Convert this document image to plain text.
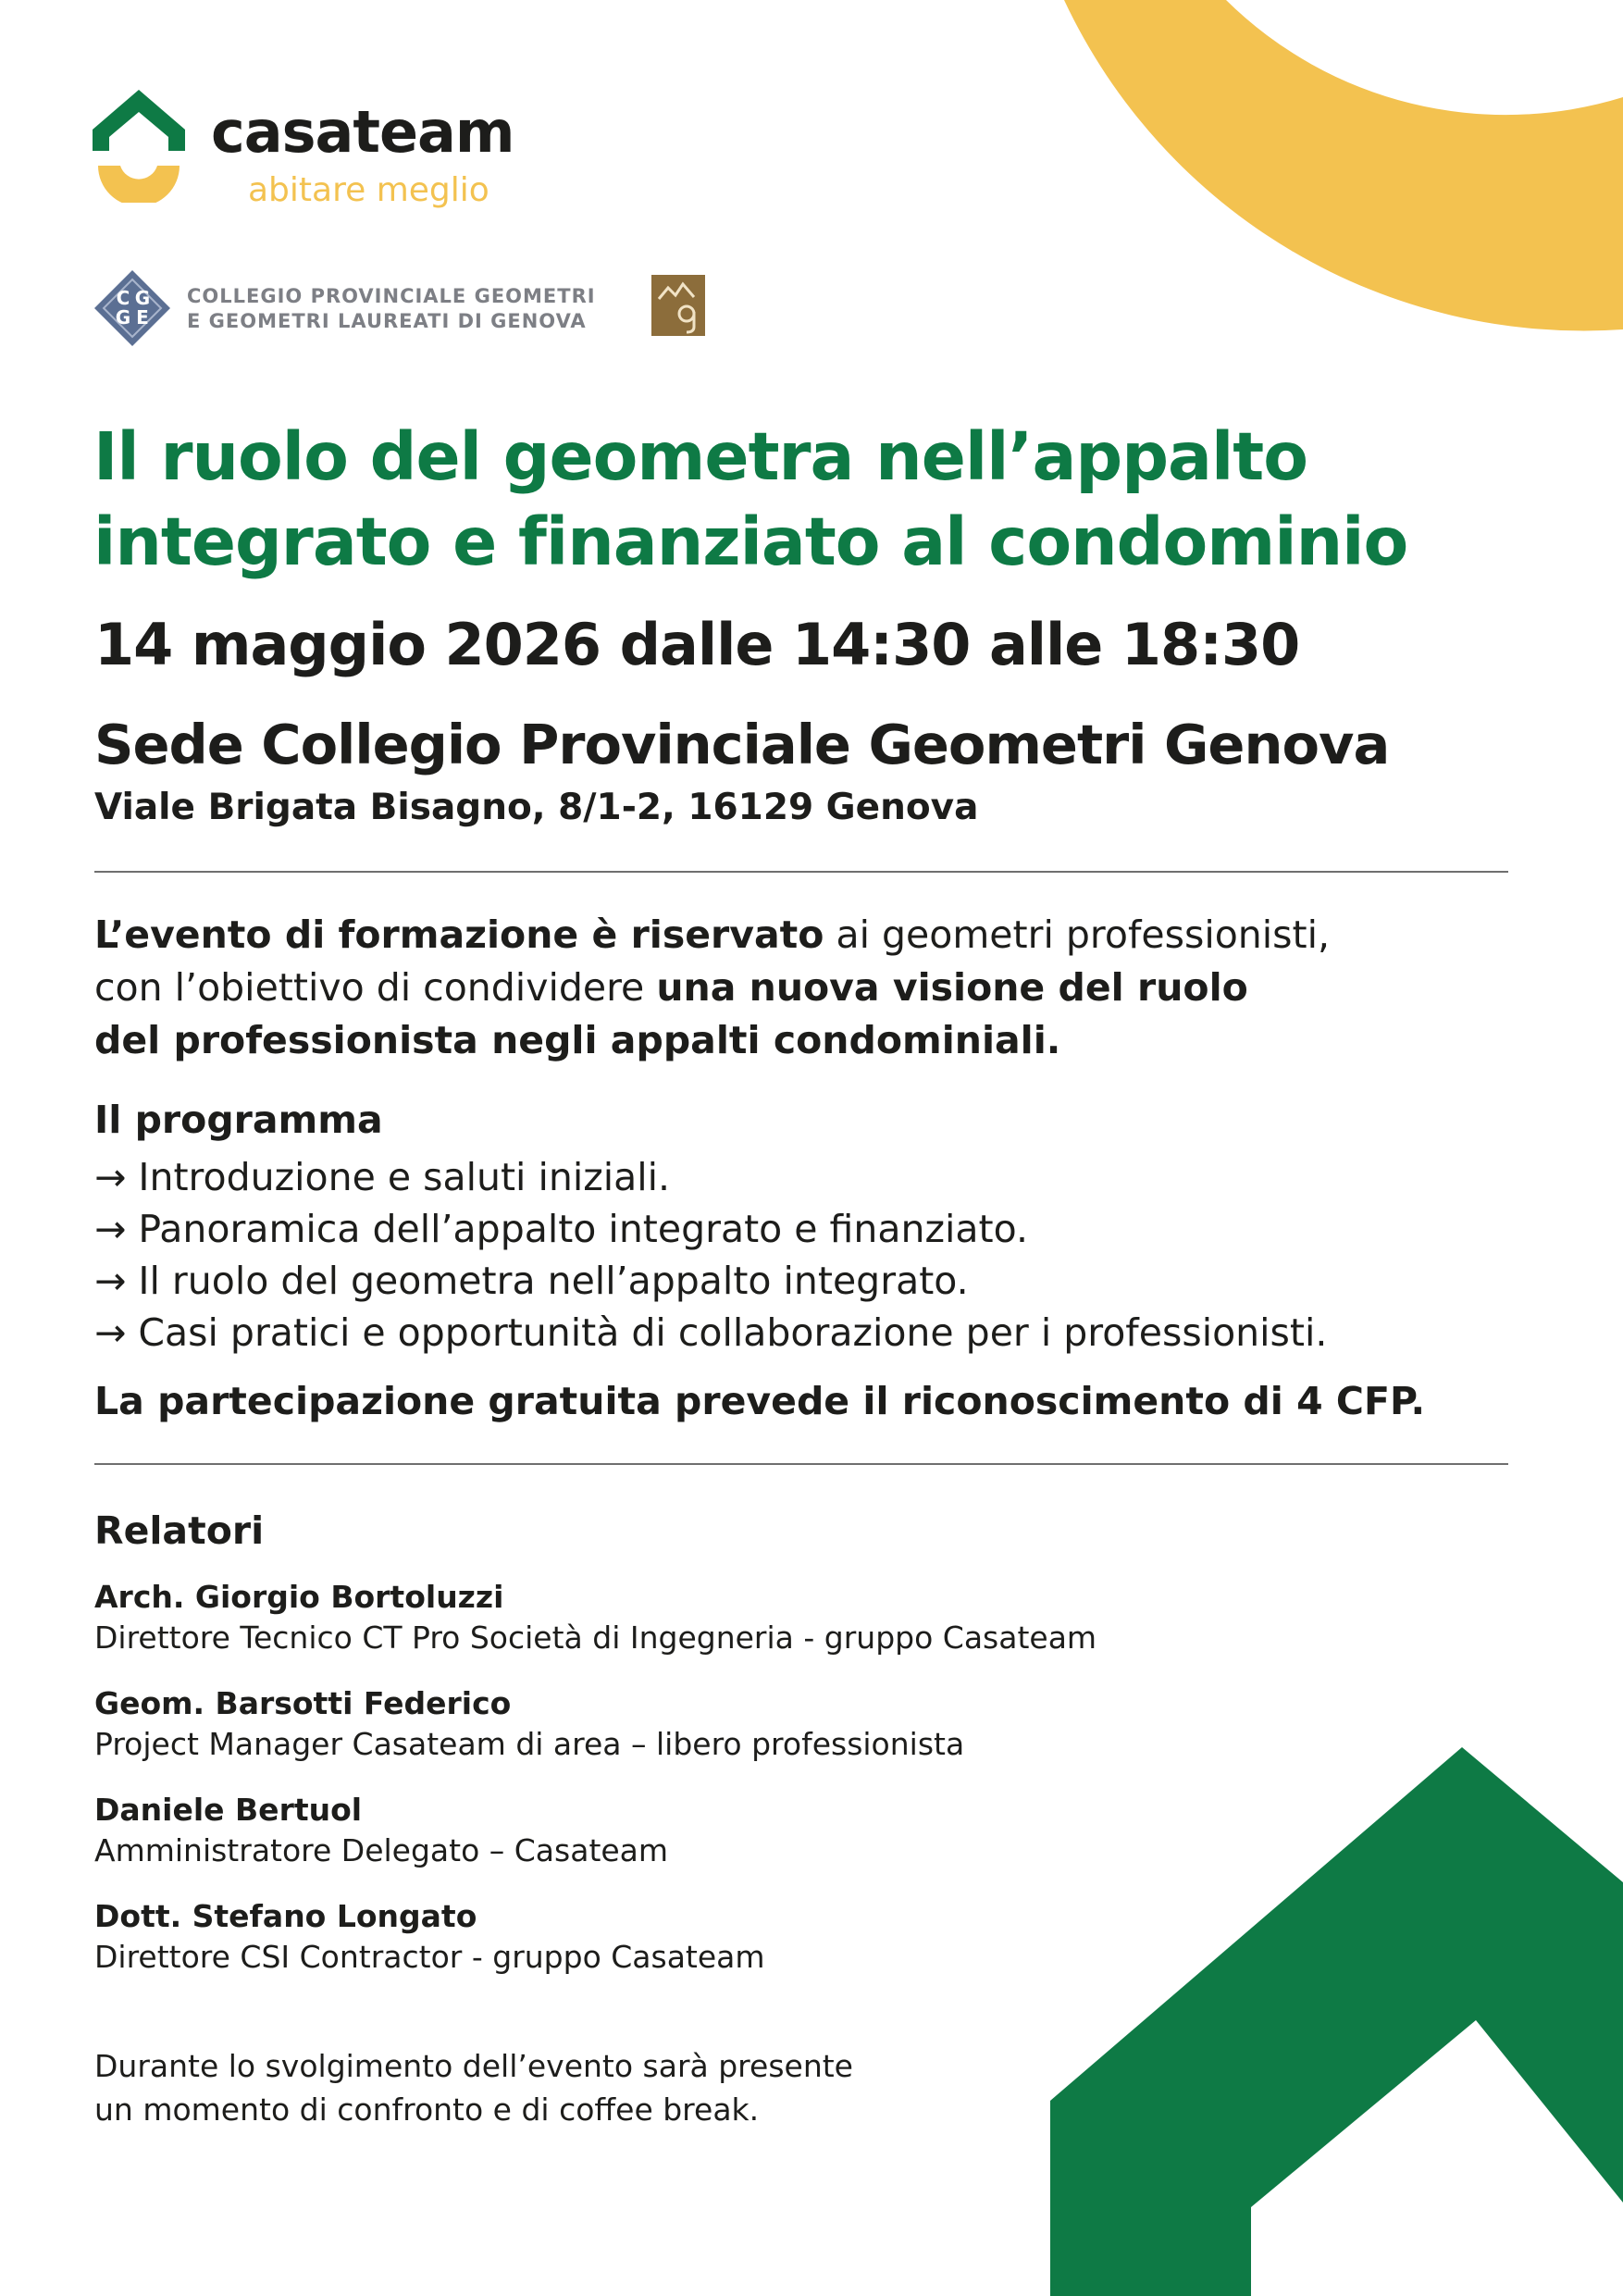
casateam
abitare meglio
C G
G E
COLLEGIO PROVINCIALE GEOMETRI
E GEOMETRI LAUREATI DI GENOVA
Il ruolo del geometra nell’appalto
integrato e finanziato al condominio
14 maggio 2026 dalle 14:30 alle 18:30
Sede Collegio Provinciale Geometri Genova
Viale Brigata Bisagno, 8/1-2, 16129 Genova
L’evento di formazione è riservato ai geometri professionisti,
con l’obiettivo di condividere una nuova visione del ruolo
del professionista negli appalti condominiali.
Il programma
→ Introduzione e saluti iniziali.
→ Panoramica dell’appalto integrato e finanziato.
→ Il ruolo del geometra nell’appalto integrato.
→ Casi pratici e opportunità di collaborazione per i professionisti.
La partecipazione gratuita prevede il riconoscimento di 4 CFP.
Relatori
Arch. Giorgio Bortoluzzi
Direttore Tecnico CT Pro Società di Ingegneria - gruppo Casateam
Geom. Barsotti Federico
Project Manager Casateam di area – libero professionista
Daniele Bertuol
Amministratore Delegato – Casateam
Dott. Stefano Longato
Direttore CSI Contractor - gruppo Casateam
Durante lo svolgimento dell’evento sarà presente
un momento di confronto e di coffee break.
